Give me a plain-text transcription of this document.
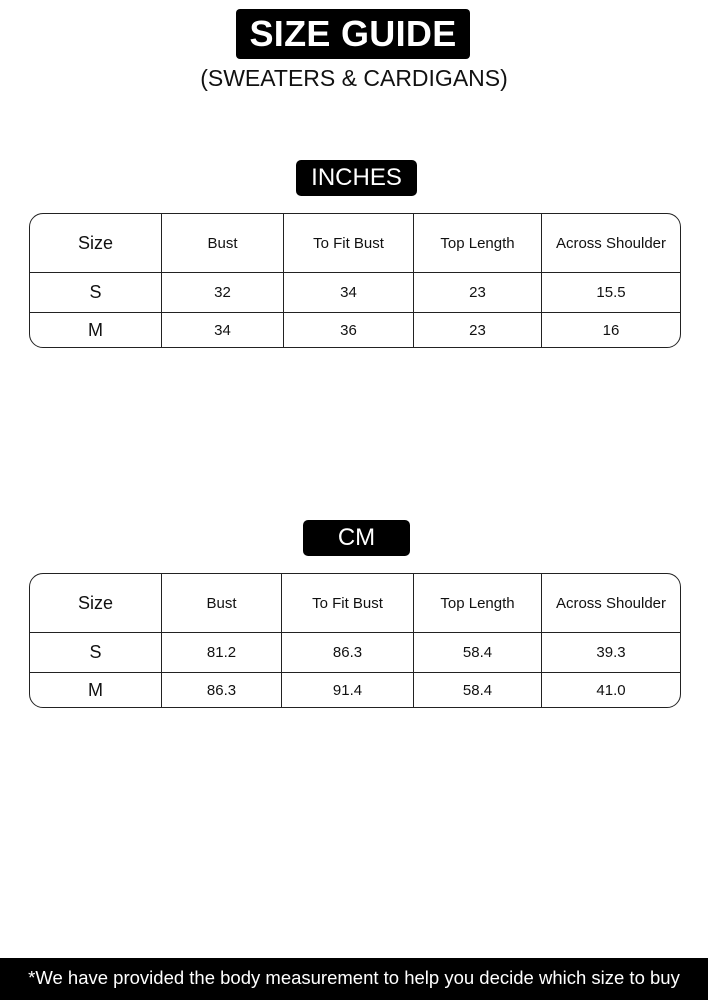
SIZE GUIDE
(SWEATERS & CARDIGANS)
INCHES
Size	Bust	To Fit Bust	Top Length	Across Shoulder
S	32	34	23	15.5
M	34	36	23	16
CM
Size	Bust	To Fit Bust	Top Length	Across Shoulder
S	81.2	86.3	58.4	39.3
M	86.3	91.4	58.4	41.0
*We have provided the body measurement to help you decide which size to buy
